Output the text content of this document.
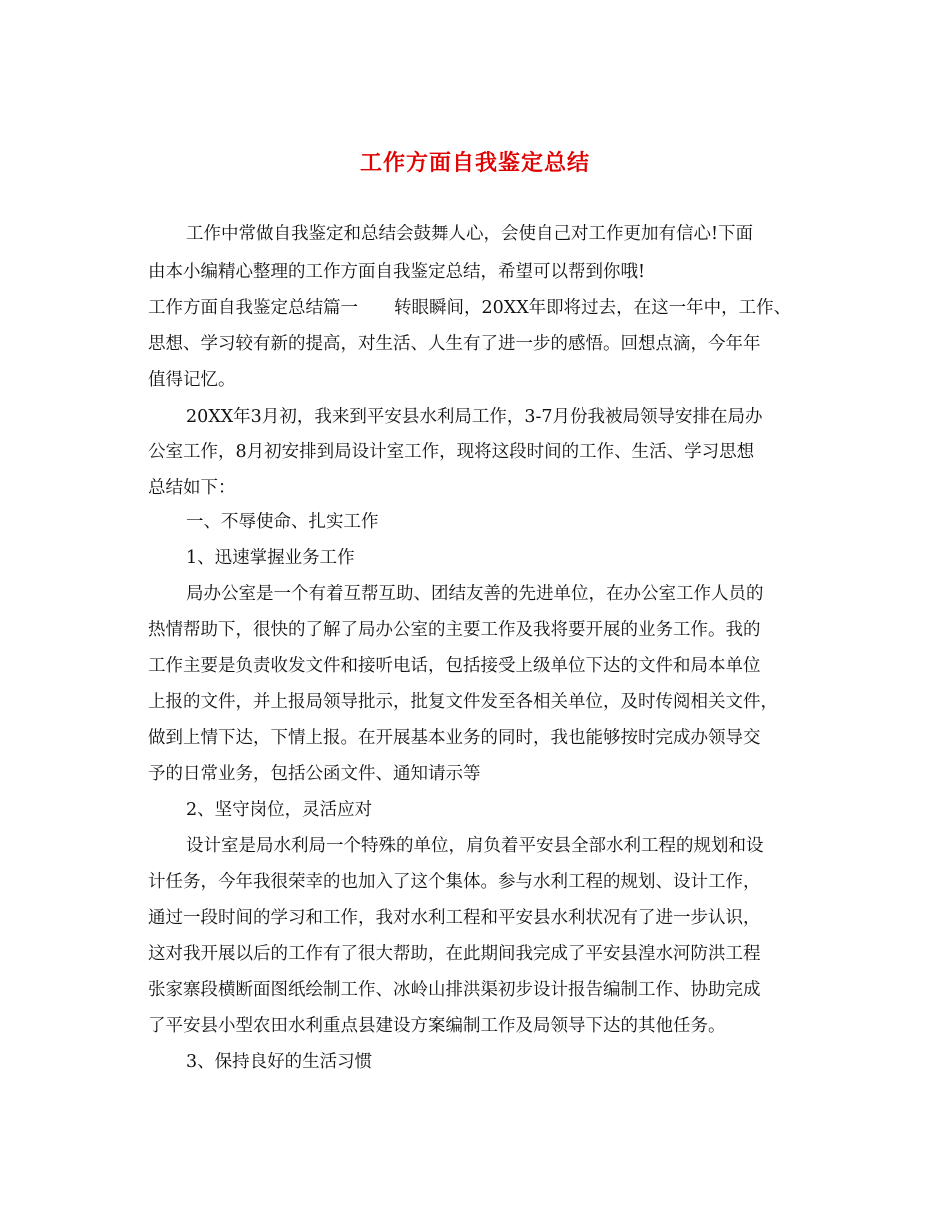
工作方面自我鉴定总结
工作中常做自我鉴定和总结会鼓舞人心，会使自己对工作更加有信心!下面
由本小编精心整理的工作方面自我鉴定总结，希望可以帮到你哦!
工作方面自我鉴定总结篇一 转眼瞬间，20XX年即将过去，在这一年中，工作、
思想、学习较有新的提高，对生活、人生有了进一步的感悟。回想点滴，今年年
值得记忆。
20XX年3月初，我来到平安县水利局工作，3-7月份我被局领导安排在局办
公室工作，8月初安排到局设计室工作，现将这段时间的工作、生活、学习思想
总结如下：
一、不辱使命、扎实工作
1、迅速掌握业务工作
局办公室是一个有着互帮互助、团结友善的先进单位，在办公室工作人员的
热情帮助下，很快的了解了局办公室的主要工作及我将要开展的业务工作。我的
工作主要是负责收发文件和接听电话，包括接受上级单位下达的文件和局本单位
上报的文件，并上报局领导批示，批复文件发至各相关单位，及时传阅相关文件，
做到上情下达，下情上报。在开展基本业务的同时，我也能够按时完成办领导交
予的日常业务，包括公函文件、通知请示等
2、坚守岗位，灵活应对
设计室是局水利局一个特殊的单位，肩负着平安县全部水利工程的规划和设
计任务，今年我很荣幸的也加入了这个集体。参与水利工程的规划、设计工作，
通过一段时间的学习和工作，我对水利工程和平安县水利状况有了进一步认识，
这对我开展以后的工作有了很大帮助，在此期间我完成了平安县湟水河防洪工程
张家寨段横断面图纸绘制工作、冰岭山排洪渠初步设计报告编制工作、协助完成
了平安县小型农田水利重点县建设方案编制工作及局领导下达的其他任务。
3、保持良好的生活习惯
